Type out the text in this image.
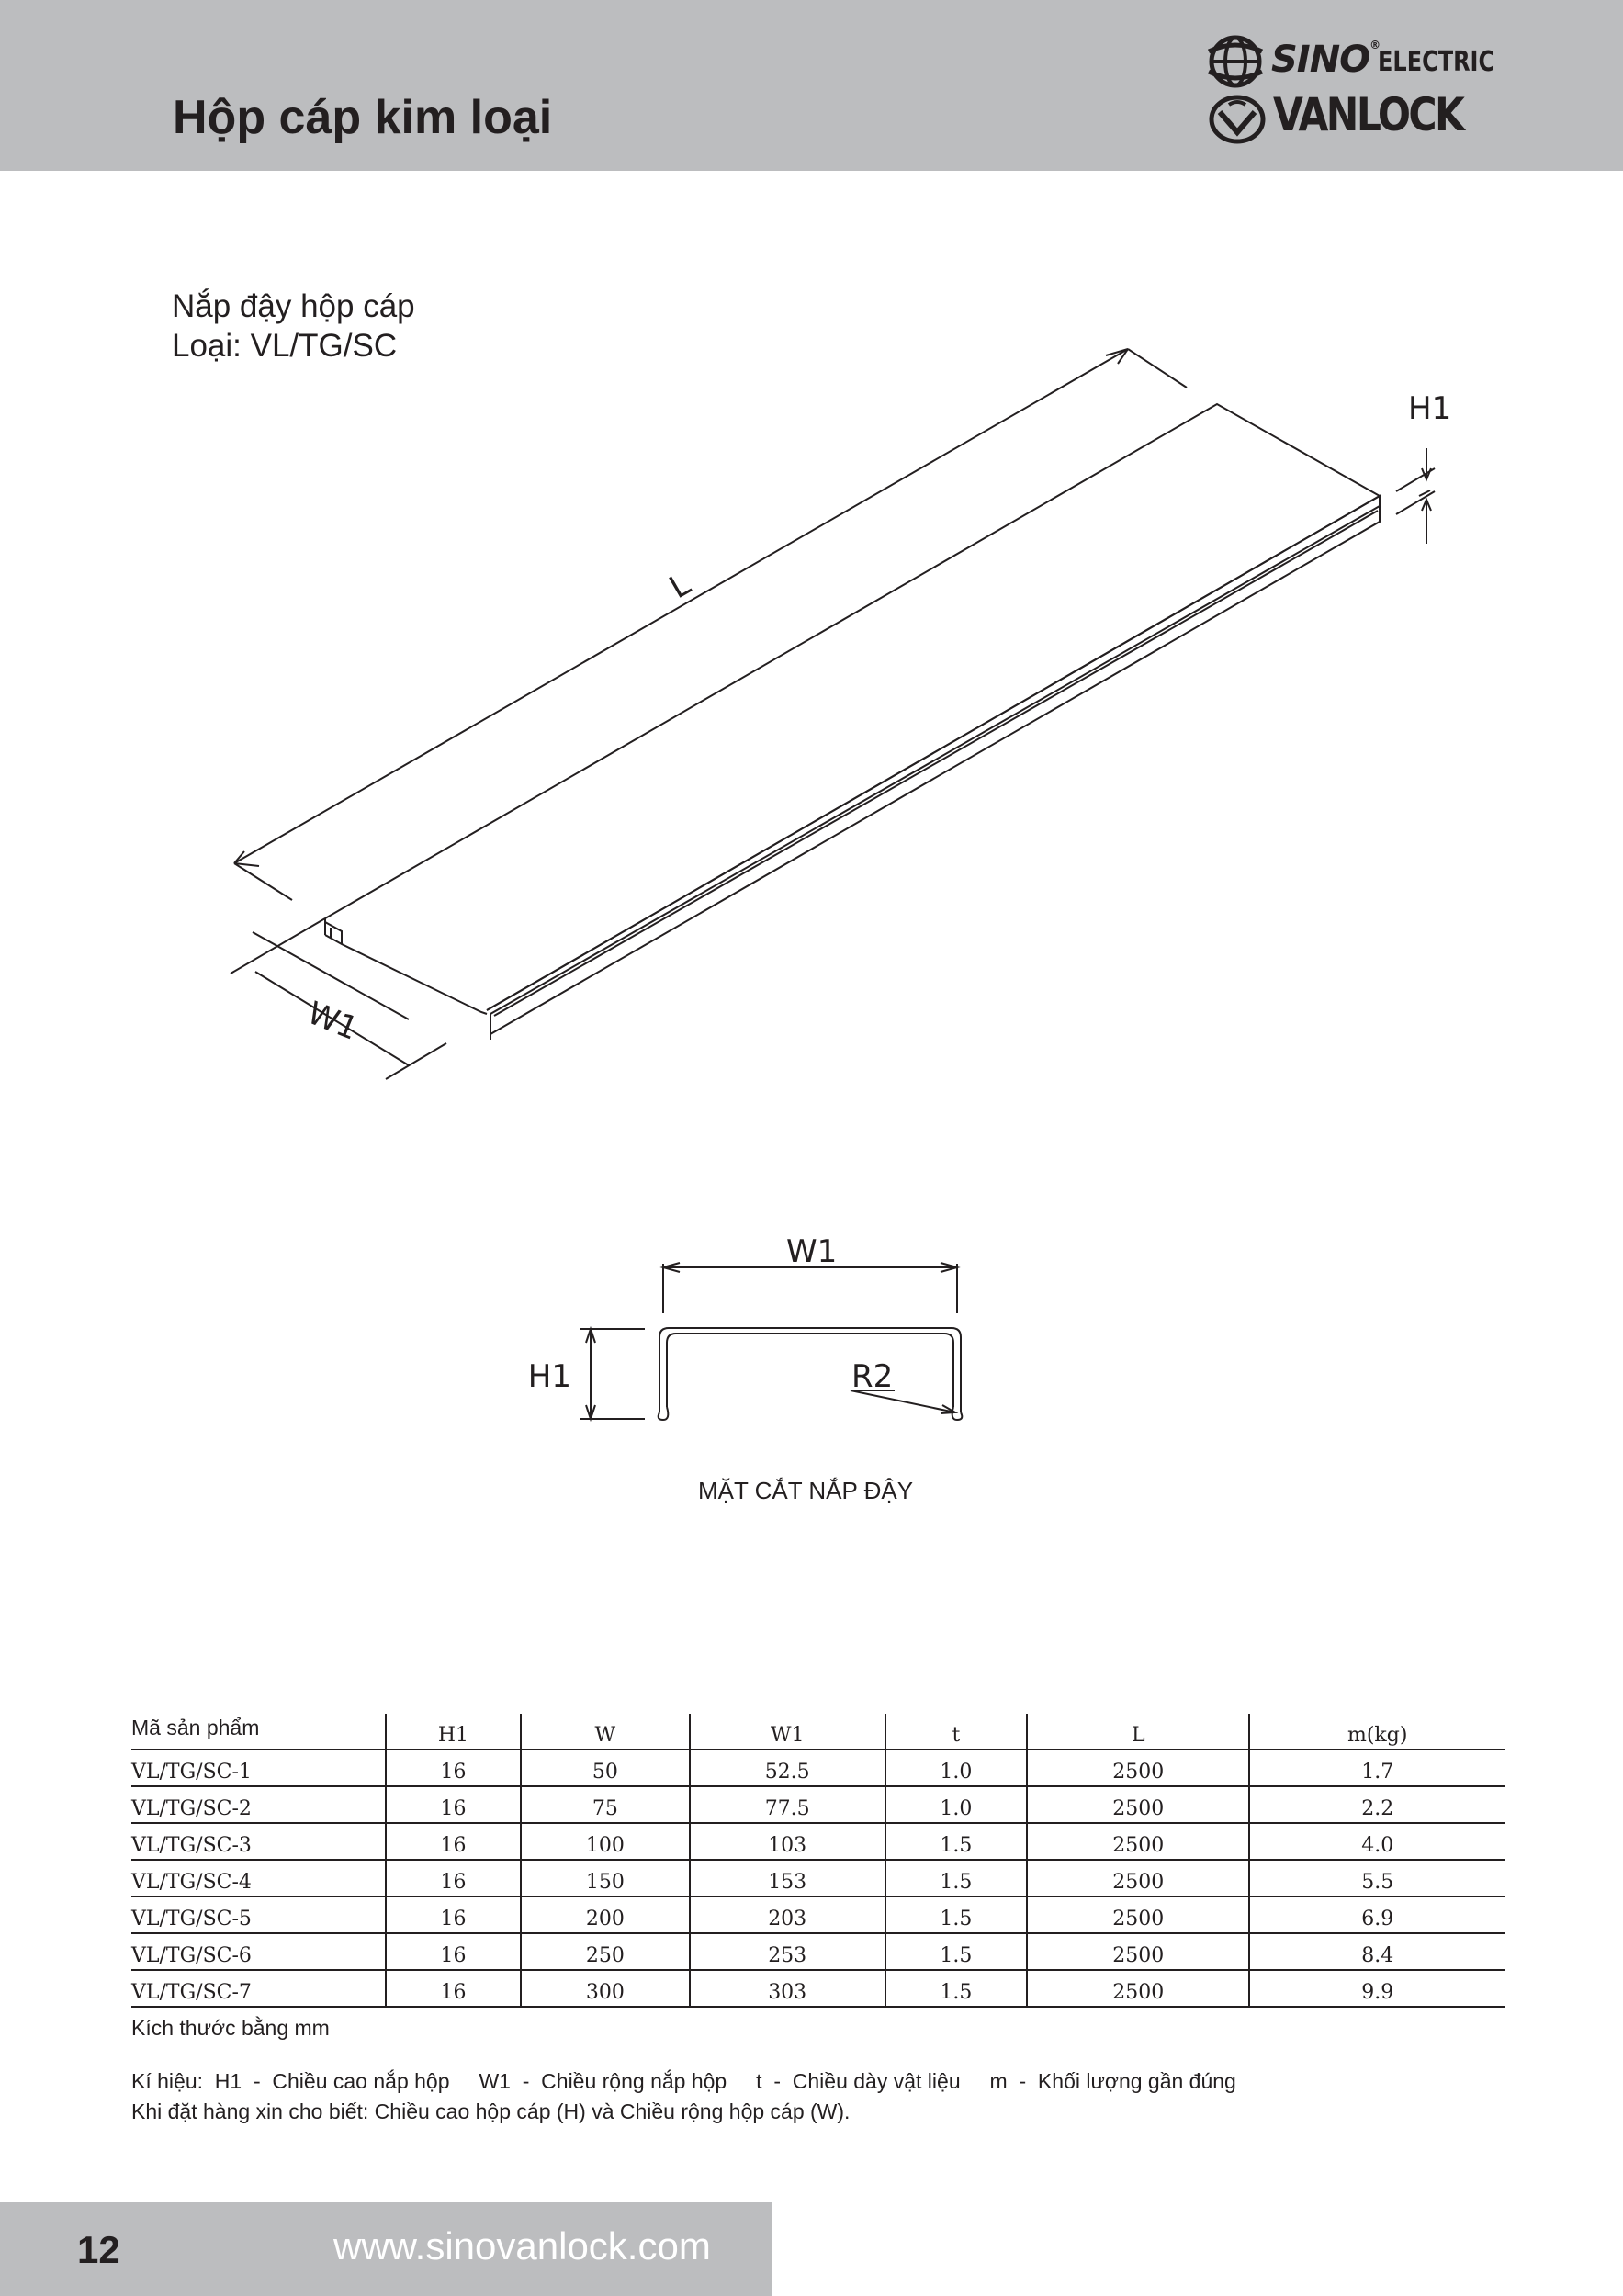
Hộp cáp kim loại
SINO®
ELECTRIC
VANLOCK
Nắp đậy hộp cáp
Loại: VL/TG/SC
L
W1
H1
W1
H1	R2
MẶT CẮT NẮP ĐẬY
Mã sản phẩm	H1	W	W1	t	L	m(kg)
VL/TG/SC-1	16	50	52.5	1.0	2500	1.7
VL/TG/SC-2	16	75	77.5	1.0	2500	2.2
VL/TG/SC-3	16	100	103	1.5	2500	4.0
VL/TG/SC-4	16	150	153	1.5	2500	5.5
VL/TG/SC-5	16	200	203	1.5	2500	6.9
VL/TG/SC-6	16	250	253	1.5	2500	8.4
VL/TG/SC-7	16	300	303	1.5	2500	9.9
Kích thước bằng mm
Kí hiệu:  H1  -  Chiều cao nắp hộp     W1  -  Chiều rộng nắp hộp     t  -  Chiều dày vật liệu     m  -  Khối lượng gần đúng
Khi đặt hàng xin cho biết: Chiều cao hộp cáp (H) và Chiều rộng hộp cáp (W).
12	www.sinovanlock.com
